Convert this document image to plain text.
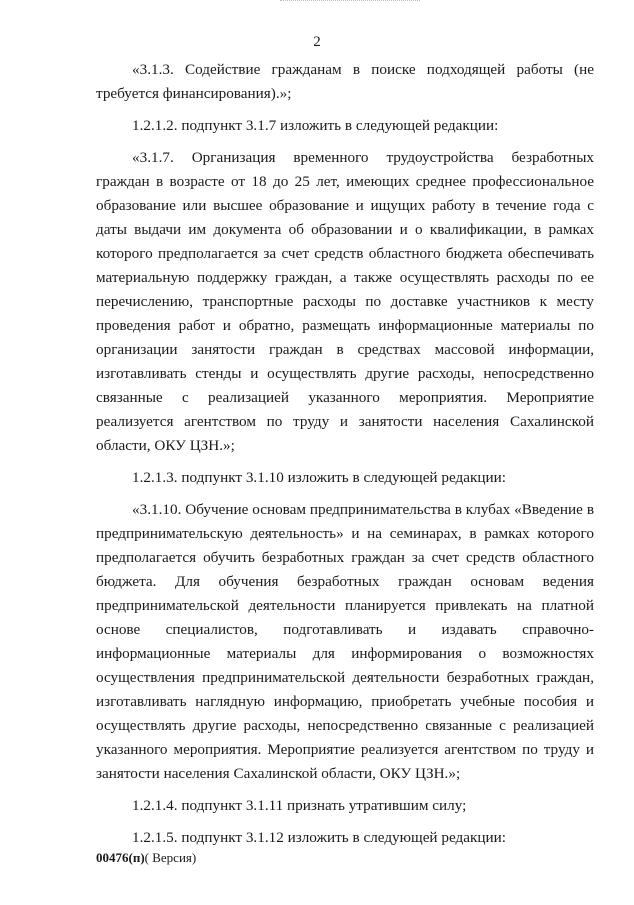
2

«3.1.3. Содействие гражданам в поиске подходящей работы (не требуется финансирования).»;

1.2.1.2. подпункт 3.1.7 изложить в следующей редакции:

«3.1.7. Организация временного трудоустройства безработных граждан в возрасте от 18 до 25 лет, имеющих среднее профессиональное образование или высшее образование и ищущих работу в течение года с даты выдачи им документа об образовании и о квалификации, в рамках которого предполагается за счет средств областного бюджета обеспечивать материальную поддержку граждан, а также осуществлять расходы по ее перечислению, транспортные расходы по доставке участников к месту проведения работ и обратно, размещать информационные материалы по организации занятости граждан в средствах массовой информации, изготавливать стенды и осуществлять другие расходы, непосредственно связанные с реализацией указанного мероприятия. Мероприятие реализуется агентством по труду и занятости населения Сахалинской области, ОКУ ЦЗН.»;

1.2.1.3. подпункт 3.1.10 изложить в следующей редакции:

«3.1.10. Обучение основам предпринимательства в клубах «Введение в предпринимательскую деятельность» и на семинарах, в рамках которого предполагается обучить безработных граждан за счет средств областного бюджета. Для обучения безработных граждан основам ведения предпринимательской деятельности планируется привлекать на платной основе специалистов, подготавливать и издавать справочно-информационные материалы для информирования о возможностях осуществления предпринимательской деятельности безработных граждан, изготавливать наглядную информацию, приобретать учебные пособия и осуществлять другие расходы, непосредственно связанные с реализацией указанного мероприятия. Мероприятие реализуется агентством по труду и занятости населения Сахалинской области, ОКУ ЦЗН.»;

1.2.1.4. подпункт 3.1.11 признать утратившим силу;

1.2.1.5. подпункт 3.1.12 изложить в следующей редакции:

00476(п)( Версия)
